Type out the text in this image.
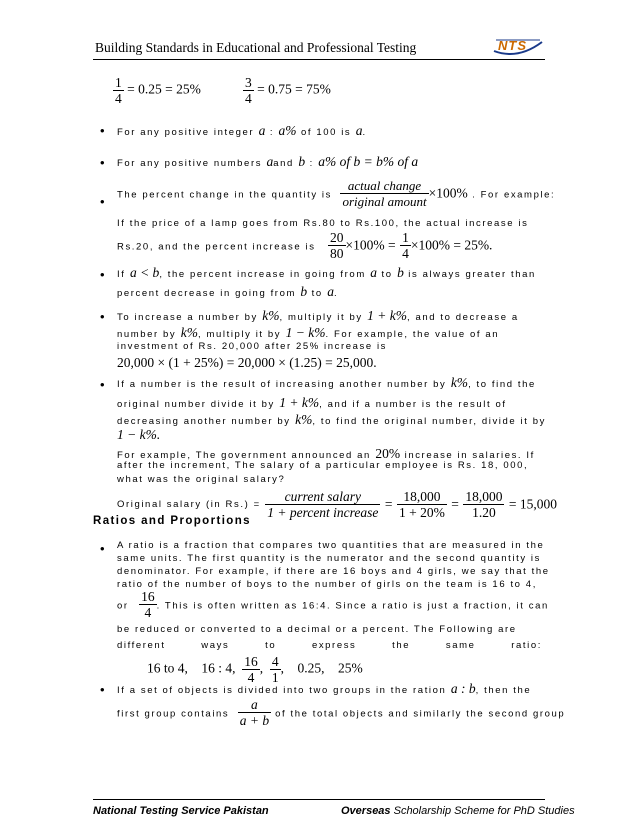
Building Standards in Educational and Professional Testing	NTS
$\frac{1}{4} = 0.25 = 25\%$	$\frac{3}{4} = 0.75 = 75\%$
• For any positive integer a : a% of 100 is a.
• For any positive numbers aand b : a% of b = b% of a
• The percent change in the quantity is $\frac{\text{actual change}}{\text{original amount}} \times 100\%$ . For example:
If the price of a lamp goes from Rs.80 to Rs.100, the actual increase is
Rs.20, and the percent increase is $\frac{20}{80} \times 100\% = \frac{1}{4} \times 100\% = 25\%$.
• If a < b, the percent increase in going from a to b is always greater than
percent decrease in going from b to a.
• To increase a number by k%, multiply it by 1 + k%, and to decrease a
number by k%, multiply it by 1 − k%. For example, the value of an
investment of Rs. 20,000 after 25% increase is
20,000 × (1 + 25%) = 20,000 × (1.25) = 25,000.
• If a number is the result of increasing another number by k%, to find the
original number divide it by 1 + k%, and if a number is the result of
decreasing another number by k%, to find the original number, divide it by
1 − k%.
For example, The government announced an 20% increase in salaries. If
after the increment, The salary of a particular employee is Rs. 18, 000,
what was the original salary?
Original salary (in $Rs.) = \frac{\text{current salary}}{\text{1 + percent increase}} = \frac{18,000}{1 + 20\%} = \frac{18,000}{1.20} = 15,000$
Ratios and Proportions
• A ratio is a fraction that compares two quantities that are measured in the
same units. The first quantity is the numerator and the second quantity is
denominator. For example, if there are 16 boys and 4 girls, we say that the
ratio of the number of boys to the number of girls on the team is 16 to 4,
or $\frac{16}{4}$ . This is often written as 16:4. Since a ratio is just a fraction, it can
be reduced or converted to a decimal or a percent. The Following are
different	ways	to	express	the	same	ratio:
16 to 4,    16 : 4, $\frac{16}{4}$ , $\frac{4}{1}$ ,    0.25,    25%
• If a set of objects is divided into two groups in the ration a : b, then the
first group contains $\frac{a}{a + b}$ of the total objects and similarly the second group
National Testing Service Pakistan	Overseas Scholarship Scheme for PhD Studies
